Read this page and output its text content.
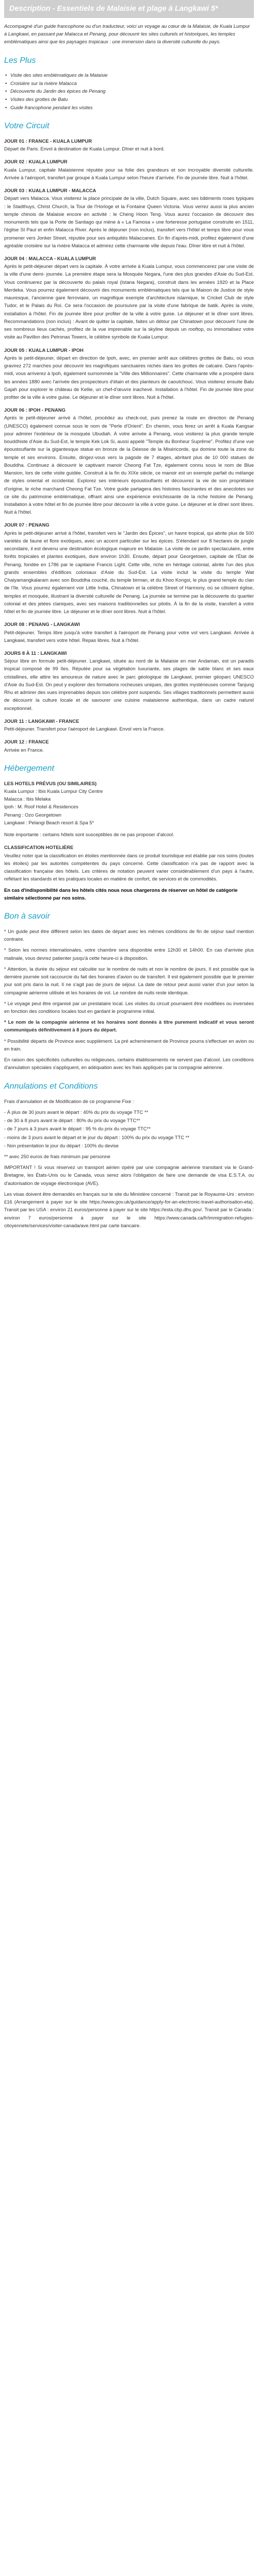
Description - Essentiels de Malaisie et plage à Langkawi 5*

Accompagné d'un guide francophone ou d'un traducteur, voici un voyage au cœur de la Malaisie, de Kuala Lumpur à Langkawi, en passant par Malacca et Penang, pour découvrir les sites culturels et historiques, les temples emblématiques ainsi que les paysages tropicaux : une immersion dans la diversité culturelle du pays.

Les Plus
• Visite des sites emblématiques de la Malaisie
• Croisière sur la rivière Malacca
• Découverte du Jardin des épices de Penang
• Visites des grottes de Batu
• Guide francophone pendant les visites
Votre Circuit
JOUR 01 : FRANCE - KUALA LUMPUR
Départ de Paris. Envol à destination de Kuala Lumpur. Dîner et nuit à bord.
JOUR 02 : KUALA LUMPUR
Kuala Lumpur, capitale Malaisienne réputée pour sa folie des grandeurs et son incroyable diversité culturelle. Arrivée à l'aéroport, transfert par groupe à Kuala Lumpur selon l'heure d'arrivée. Fin de journée libre. Nuit à l'hôtel.
JOUR 03 : KUALA LUMPUR - MALACCA
Départ vers Malacca. Vous visiterez la place principale de la ville, Dutch Square, avec ses bâtiments roses typiques : le Stadthuys, Christ Church, la Tour de l'Horloge et la Fontaine Queen Victoria. Vous verrez aussi la plus ancien temple chinois de Malaisie encore en activité : le Cheng Hoon Teng. Vous aurez l'occasion de découvrir des monuments tels que la Porte de Santiago qui mène à « La Famosa » une forteresse portugaise construite en 1511, l'église St Paul et enfin Malacca River. Après le déjeuner (non inclus), transfert vers l'hôtel et temps libre pour vous promener vers Jonker Street, réputée pour ses antiquités Malaccanes. En fin d'après-midi, profitez également d'une agréable croisière sur la rivière Malacca et admirez cette charmante ville depuis l'eau. Dîner libre et nuit à l'hôtel.
JOUR 04 : MALACCA - KUALA LUMPUR
Après le petit-déjeuner départ vers la capitale. À votre arrivée à Kuala Lumpur, vous commencerez par une visite de la ville d'une demi- journée. La première étape sera la Mosquée Negara, l'une des plus grandes d'Asie du Sud-Est. Vous continuerez par la découverte du palais royal (Istana Negara), construit dans les années 1920 et la Place Merdeka. Vous pourrez également découvrir des monuments emblématiques tels que la Maison de Justice de style mauresque, l'ancienne gare ferroviaire, un magnifique exemple d'architecture islamique, le Cricket Club de style Tudor, et le Palais du Roi. Ce sera l'occasion de poursuivre par la visite d'une fabrique de batik. Après la visite, installation à l'hôtel. Fin de journée libre pour profiter de la ville à votre guise. Le déjeuner et le dîner sont libres. Recommandations (non inclus) : Avant de quitter la capitale, faites un détour par Chinatown pour découvrir l'une de ses nombreux lieux cachés, profitez de la vue imprenable sur la skyline depuis un rooftop, ou immortalisez votre visite au Pavillon des Petronas Towers, le célèbre symbole de Kuala Lumpur.
JOUR 05 : KUALA LUMPUR - IPOH
Après le petit-déjeuner, départ en direction de Ipoh, avec, en premier arrêt aux célèbres grottes de Batu, où vous gravirez 272 marches pour découvrir les magnifiques sanctuaires nichés dans les grottes de calcaire. Dans l'après-midi, vous arriverez à Ipoh, également surnommée la "Ville des Millionnaires". Cette charmante ville a prospéré dans les années 1880 avec l'arrivée des prospecteurs d'étain et des planteurs de caoutchouc. Vous visiterez ensuite Batu Gajah pour explorer le château de Kellie, un chef-d'œuvre inachevé. Installation à l'hôtel. Fin de journée libre pour profiter de la ville à votre guise. Le déjeuner et le dîner sont libres. Nuit à l'hôtel.
JOUR 06 : IPOH - PENANG
Après le petit-déjeuner arrivé à l'hôtel, procédez au check-out, puis prenez la route en direction de Penang (UNESCO) également connue sous le nom de "Perle d'Orient". En chemin, vous ferez un arrêt à Kuala Kangsar pour admirer l'extérieur de la mosquée Ubudiah. À votre arrivée à Penang, vous visiterez la plus grande temple bouddhiste d'Asie du Sud-Est, le temple Kek Lok Si, aussi appelé "Temple du Bonheur Suprême". Profitez d'une vue époustouflante sur la gigantesque statue en bronze de la Déesse de la Miséricorde, qui domine toute la zone du temple et ses environs. Ensuite, dirigez-vous vers la pagode de 7 étages, abritant plus de 10 000 statues de Bouddha. Continuez à découvrir le captivant manoir Cheong Fat Tze, également connu sous le nom de Blue Mansion, lors de cette visite guidée. Construit à la fin du XIXe siècle, ce manoir est un exemple parfait du mélange de styles oriental et occidental. Explorez ses intérieurs époustouflants et découvrez la vie de son propriétaire d'origine, le riche marchand Cheong Fat Tze. Votre guide partagera des histoires fascinantes et des anecdotes sur ce site du patrimoine emblématique, offrant ainsi une expérience enrichissante de la riche histoire de Penang. Installation à votre hôtel et fin de journée libre pour découvrir la ville à votre guise. Le déjeuner et le dîner sont libres. Nuit à l'hôtel.
JOUR 07 : PENANG
Après le petit-déjeuner arrivé à l'hôtel, transfert vers le "Jardin des Épices", un havre tropical, qui abrite plus de 500 variétés de faune et flore exotiques, avec un accent particulier sur les épices. S'étendant sur 8 hectares de jungle secondaire, il est devenu une destination écologique majeure en Malaisie. La visite de ce jardin spectaculaire, entre forêts tropicales et plantes exotiques, dure environ 1h30. Ensuite, départ pour Georgetown, capitale de l'État de Penang, fondée en 1786 par le capitaine Francis Light. Cette ville, riche en héritage colonial, abrite l'un des plus grands ensembles d'édifices coloniaux d'Asie du Sud-Est. La visite inclut la visite du temple Wat Chaiyamangkalaram avec son Bouddha couché, du temple birman, et du Khoo Kongsi, le plus grand temple du clan de l'île. Vous pourrez également voir Little India, Chinatown et la célèbre Street of Harmony, où se côtoient église, temples et mosquée, illustrant la diversité culturelle de Penang. La journée se termine par la découverte du quartier colonial et des jetées claniques, avec ses maisons traditionnelles sur pilotis. À la fin de la visite, transfert à votre hôtel et fin de journée libre. Le déjeuner et le dîner sont libres. Nuit à l'hôtel.
JOUR 08 : PENANG - LANGKAWI
Petit-déjeuner. Temps libre jusqu'à votre transfert à l'aéroport de Penang pour votre vol vers Langkawi. Arrivée à Langkawi, transfert vers votre hôtel. Repas libres. Nuit à l'hôtel.
JOURS 8 À 11 : LANGKAWI
Séjour libre en formule petit-déjeuner. Langkawi, située au nord de la Malaisie en mer Andaman, est un paradis tropical composé de 99 îles. Réputée pour sa végétation luxuriante, ses plages de sable blanc et ses eaux cristallines, elle attire les amoureux de nature avec le parc géologique de Langkawi, premier géoparc UNESCO d'Asie du Sud-Est. On peut y explorer des formations rocheuses uniques, des grottes mystérieuses comme Tanjung Rhu et admirer des vues imprenables depuis son célèbre pont suspendu. Ses villages traditionnels permettent aussi de découvrir la culture locale et de savourer une cuisine malaisienne authentique, dans un cadre naturel exceptionnel.
JOUR 11 : LANGKAWI - FRANCE
Petit-déjeuner. Transfert pour l'aéroport de Langkawi. Envol vers la France.
JOUR 12 : FRANCE
Arrivée en France.
Hébergement
LES HOTELS PRÉVUS (OU SIMILAIRES)
Kuala Lumpur : Ibis Kuala Lumpur City Centre
Malacca : Ibis Melaka
Ipoh : M. Roof Hotel & Residences
Penang : Ozo Georgetown
Langkawi : Pelangi Beach resort & Spa 5*

Note importante : certains hôtels sont susceptibles de ne pas proposer d'alcool.

CLASSIFICATION HOTELIÈRE

Veuillez noter que la classification en étoiles mentionnée dans ce produit touristique est établie par nos soins (toutes les étoiles) par les autorités compétentes du pays concerné. Cette classification n'a pas de rapport avec la classification française des hôtels. Les critères de notation peuvent varier considérablement d'un pays à l'autre, reflétant les standards et les pratiques locales en matière de confort, de services et de commodités.

En cas d'indisponibilité dans les hôtels cités nous nous chargerons de réserver un hôtel de catégorie similaire sélectionné par nos soins.

Bon à savoir
* Un guide peut être différent selon les dates de départ avec les mêmes conditions de fin de séjour sauf mention contraire.
* Selon les normes internationales, votre chambre sera disponible entre 12h30 et 14h00. En cas d'arrivée plus matinale, vous devrez patienter jusqu'à cette heure-ci à disposition.
* Attention, la durée du séjour est calculée sur le nombre de nuits et non le nombre de jours. Il est possible que la dernière journée soit raccourcie du fait des horaires d'avion ou de transfert. Il est également possible que le premier jour soit pris dans la nuit. Il ne s'agit pas de jours de séjour. La date de retour peut aussi varier d'un jour selon la compagnie aérienne utilisée et les horaires de vol. Le nombre de nuits reste identique.
* Le voyage peut être organisé par un prestataire local. Les visites du circuit pourraient être modifiées ou inversées en fonction des conditions locales tout en gardant le programme initial.
* Le nom de la compagnie aérienne et les horaires sont donnés à titre purement indicatif et vous seront communiqués définitivement à 8 jours du départ.
* Possibilité départs de Province avec supplément. La pré acheminement de Province pourra s'effectuer en avion ou en train.
En raison des spécificités culturelles ou religieuses, certains établissements ne servent pas d'alcool. Les conditions d'annulation spéciales s'appliquent, en adéquation avec les frais appliqués par la compagnie aérienne.
Annulations et Conditions

Frais d'annulation et de Modification de ce programme Fixe :

- À plus de 30 jours avant le départ : 40% du prix du voyage TTC **
- de 30 à 8 jours avant le départ : 80% du prix du voyage TTC**
- de 7 jours à 3 jours avant le départ : 95 % du prix du voyage TTC**
- moins de 3 jours avant le départ et le jour du départ : 100% du prix du voyage TTC **
- Non présentation le jour du départ : 100% du devise

** avec 250 euros de frais minimum par personne

IMPORTANT ! Si vous réservez un transport aérien opéré par une compagnie aérienne transitant via le Grand-Bretagne, les États-Unis ou le Canada, vous serez alors l'obligation de faire une demande de visa E.S.T.A. ou d'autorisation de voyage électronique (AVE).

Les visas doivent être demandés en français sur le site du Ministère concerné : Transit par le Royaume-Uni : environ £16 (Arrangement à payer sur le site https://www.gov.uk/guidance/apply-for-an-electronic-travel-authorisation-eta). Transit par les USA : environ 21 euros/personne à payer sur le site https://esta.cbp.dhs.gov/. Transit par le Canada : environ 7 euros/personne à payer sur le site https://www.canada.ca/fr/immigration-refugies-citoyennete/services/visiter-canada/ave.html par carte bancaire.
